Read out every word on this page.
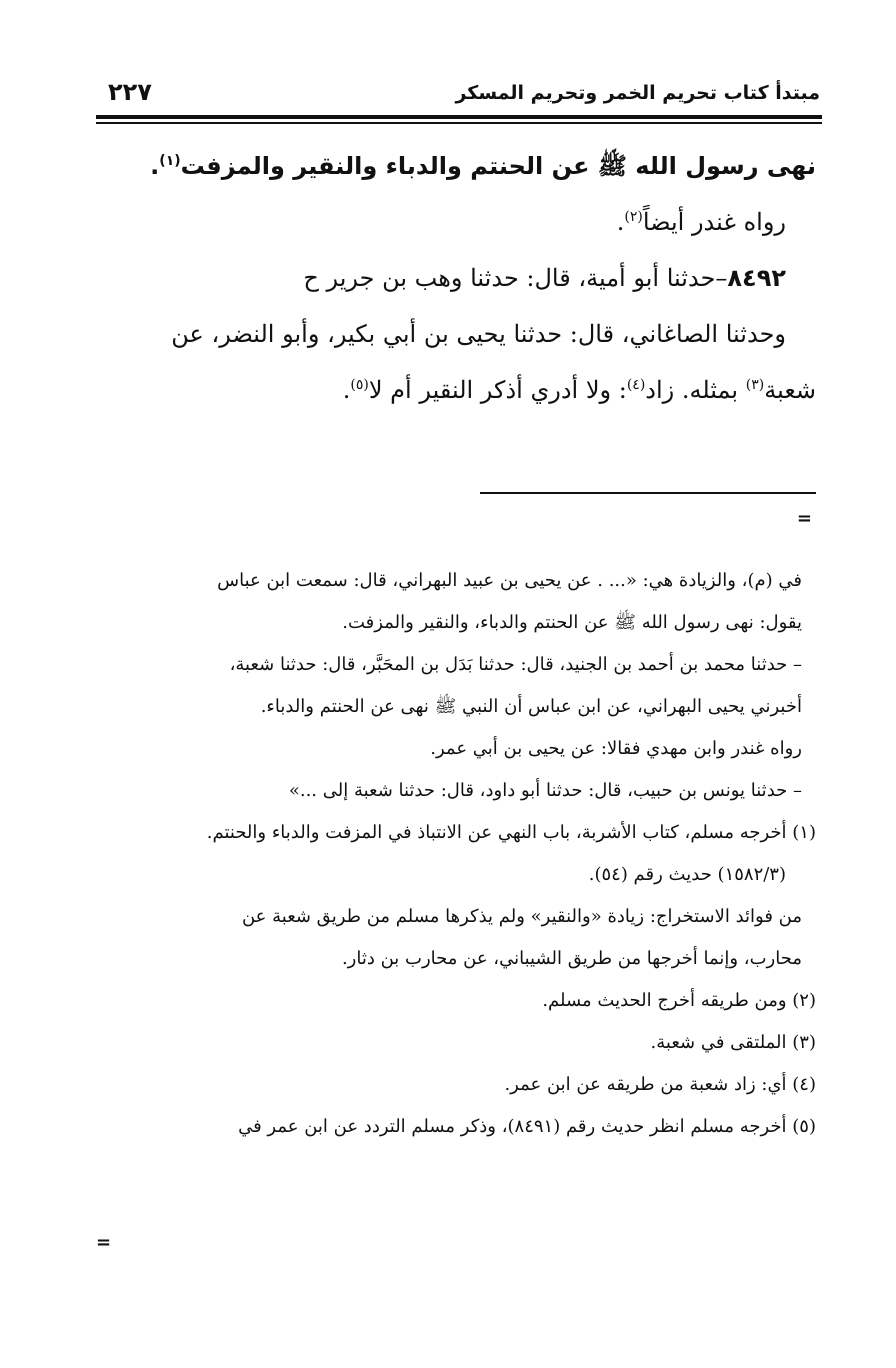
مبتدأ كتاب تحريم الخمر وتحريم المسكر
٢٢٧

نهى رسول الله ﷺ عن الحنتم والدباء والنقير والمزفت$^{(١)}$.

رواه غندر أيضاً$^{(٢)}$.

٨٤٩٢–حدثنا أبو أمية، قال: حدثنا وهب بن جرير ح

وحدثنا الصاغاني، قال: حدثنا يحيى بن أبي بكير، وأبو النضر، عن

شعبة$^{(٣)}$ بمثله. زاد$^{(٤)}$: ولا أدري أذكر النقير أم لا$^{(٥)}$.

=

في (م)، والزيادة هي: «... . عن يحيى بن عبيد البهراني، قال: سمعت ابن عباس

يقول: نهى رسول الله ﷺ عن الحنتم والدباء، والنقير والمزفت.

– حدثنا محمد بن أحمد بن الجنيد، قال: حدثنا بَدَل بن المحَبَّر، قال: حدثنا شعبة،

أخبرني يحيى البهراني، عن ابن عباس أن النبي ﷺ نهى عن الحنتم والدباء.

رواه غندر وابن مهدي فقالا: عن يحيى بن أبي عمر.

– حدثنا يونس بن حبيب، قال: حدثنا أبو داود، قال: حدثنا شعبة إلى ...»

(١) أخرجه مسلم، كتاب الأشربة، باب النهي عن الانتباذ في المزفت والدباء والحنتم.

(١٥٨٢/٣) حديث رقم (٥٤).

من فوائد الاستخراج: زيادة «والنقير» ولم يذكرها مسلم من طريق شعبة عن

محارب، وإنما أخرجها من طريق الشيباني، عن محارب بن دثار.

(٢) ومن طريقه أخرج الحديث مسلم.

(٣) الملتقى في شعبة.

(٤) أي: زاد شعبة من طريقه عن ابن عمر.

(٥) أخرجه مسلم انظر حديث رقم (٨٤٩١)، وذكر مسلم التردد عن ابن عمر في

=
